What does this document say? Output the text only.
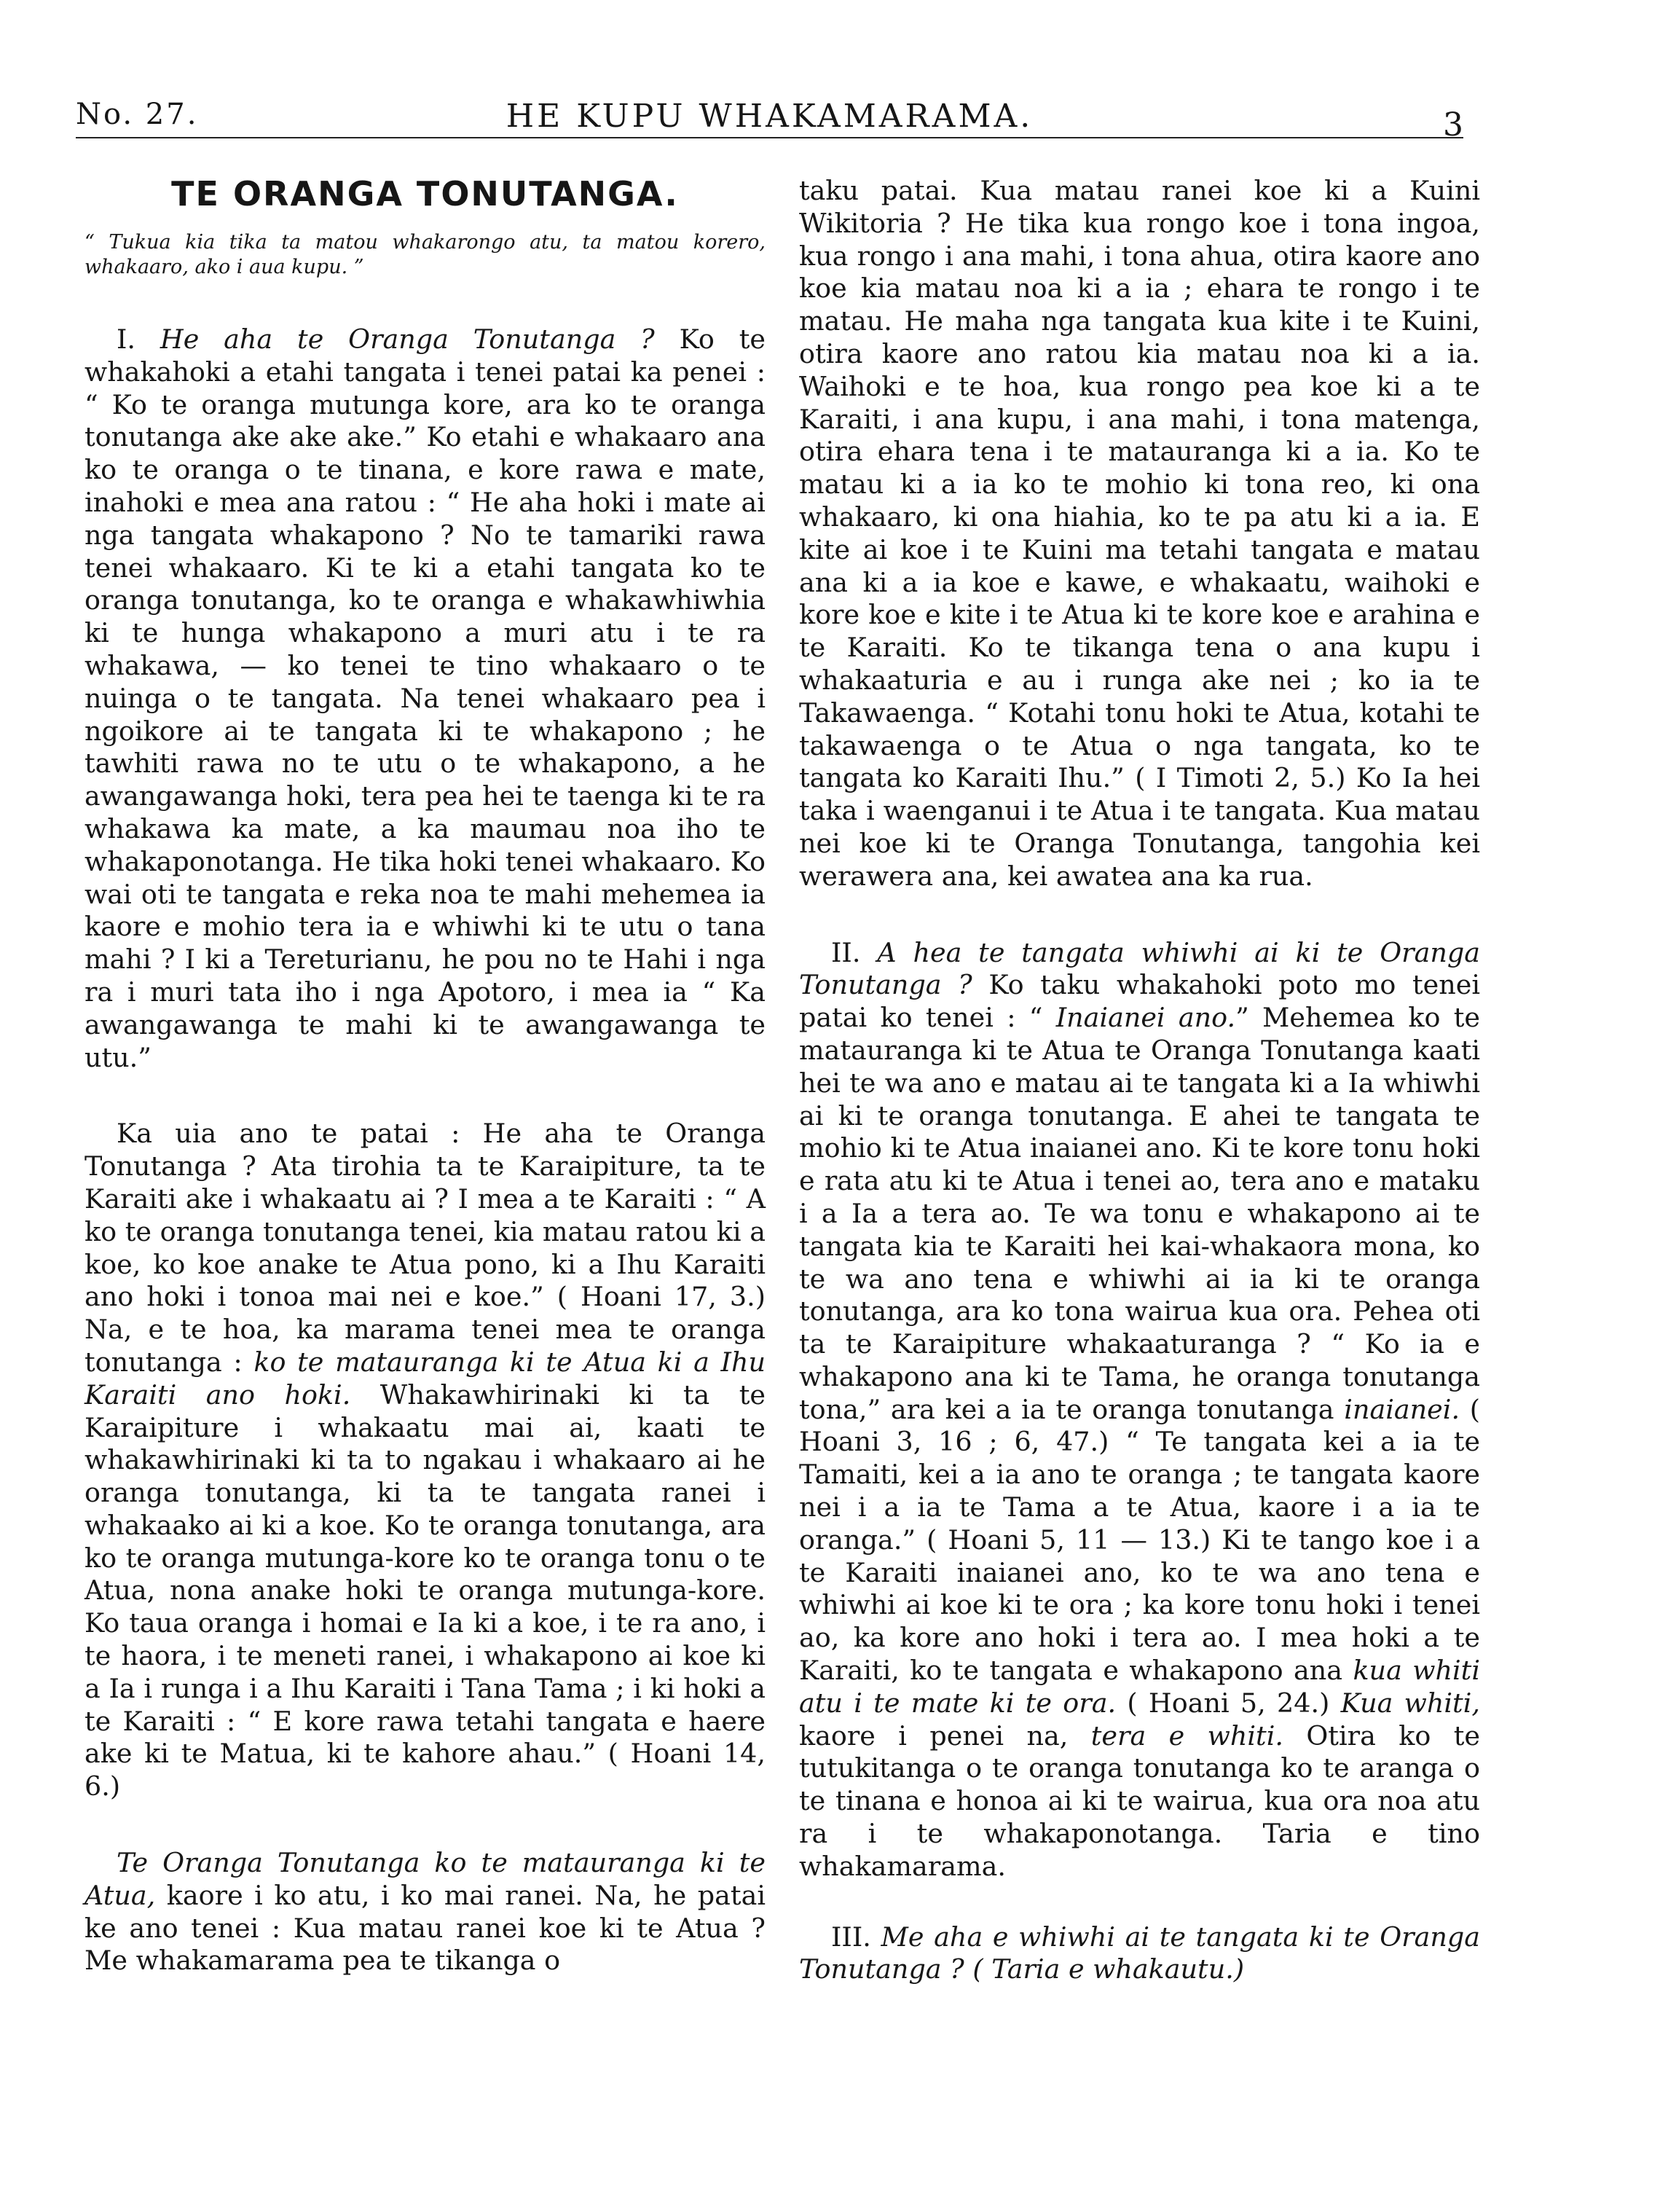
No. 27.	HE KUPU WHAKAMARAMA.	3

TE ORANGA TONUTANGA.

“ Tukua kia tika ta matou whakarongo atu, ta matou korero, whakaaro, ako i aua kupu. ”

I. He aha te Oranga Tonutanga ? Ko te whakahoki a etahi tangata i tenei patai ka penei : “ Ko te oranga mutunga kore, ara ko te oranga tonutanga ake ake ake.” Ko etahi e whakaaro ana ko te oranga o te tinana, e kore rawa e mate, inahoki e mea ana ratou : “ He aha hoki i mate ai nga tangata whakapono ? No te tamariki rawa tenei whakaaro. Ki te ki a etahi tangata ko te oranga tonutanga, ko te oranga e whakawhiwhia ki te hunga whakapono a muri atu i te ra whakawa, — ko tenei te tino whakaaro o te nuinga o te tangata. Na tenei whakaaro pea i ngoikore ai te tangata ki te whakapono ; he tawhiti rawa no te utu o te whakapono, a he awangawanga hoki, tera pea hei te taenga ki te ra whakawa ka mate, a ka maumau noa iho te whakaponotanga. He tika hoki tenei whakaaro. Ko wai oti te tangata e reka noa te mahi mehemea ia kaore e mohio tera ia e whiwhi ki te utu o tana mahi ? I ki a Tereturianu, he pou no te Hahi i nga ra i muri tata iho i nga Apotoro, i mea ia “ Ka awangawanga te mahi ki te awangawanga te utu.”

Ka uia ano te patai : He aha te Oranga Tonutanga ? Ata tirohia ta te Karaipiture, ta te Karaiti ake i whakaatu ai ? I mea a te Karaiti : “ A ko te oranga tonutanga tenei, kia matau ratou ki a koe, ko koe anake te Atua pono, ki a Ihu Karaiti ano hoki i tonoa mai nei e koe.” ( Hoani 17, 3.) Na, e te hoa, ka marama tenei mea te oranga tonutanga : ko te matauranga ki te Atua ki a Ihu Karaiti ano hoki. Whakawhirinaki ki ta te Karaipiture i whakaatu mai ai, kaati te whakawhirinaki ki ta to ngakau i whakaaro ai he oranga tonutanga, ki ta te tangata ranei i whakaako ai ki a koe. Ko te oranga tonutanga, ara ko te oranga mutunga-kore ko te oranga tonu o te Atua, nona anake hoki te oranga mutunga-kore. Ko taua oranga i homai e Ia ki a koe, i te ra ano, i te haora, i te meneti ranei, i whakapono ai koe ki a Ia i runga i a Ihu Karaiti i Tana Tama ; i ki hoki a te Karaiti : “ E kore rawa tetahi tangata e haere ake ki te Matua, ki te kahore ahau.” ( Hoani 14, 6.)

Te Oranga Tonutanga ko te matauranga ki te Atua, kaore i ko atu, i ko mai ranei. Na, he patai ke ano tenei : Kua matau ranei koe ki te Atua ? Me whakamarama pea te tikanga o

taku patai. Kua matau ranei koe ki a Kuini Wikitoria ? He tika kua rongo koe i tona ingoa, kua rongo i ana mahi, i tona ahua, otira kaore ano koe kia matau noa ki a ia ; ehara te rongo i te matau. He maha nga tangata kua kite i te Kuini, otira kaore ano ratou kia matau noa ki a ia. Waihoki e te hoa, kua rongo pea koe ki a te Karaiti, i ana kupu, i ana mahi, i tona matenga, otira ehara tena i te matauranga ki a ia. Ko te matau ki a ia ko te mohio ki tona reo, ki ona whakaaro, ki ona hiahia, ko te pa atu ki a ia. E kite ai koe i te Kuini ma tetahi tangata e matau ana ki a ia koe e kawe, e whakaatu, waihoki e kore koe e kite i te Atua ki te kore koe e arahina e te Karaiti. Ko te tikanga tena o ana kupu i whakaaturia e au i runga ake nei ; ko ia te Takawaenga. “ Kotahi tonu hoki te Atua, kotahi te takawaenga o te Atua o nga tangata, ko te tangata ko Karaiti Ihu.” ( I Timoti 2, 5.) Ko Ia hei taka i waenganui i te Atua i te tangata. Kua matau nei koe ki te Oranga Tonutanga, tangohia kei werawera ana, kei awatea ana ka rua.

II. A hea te tangata whiwhi ai ki te Oranga Tonutanga ? Ko taku whakahoki poto mo tenei patai ko tenei : “ Inaianei ano.” Mehemea ko te matauranga ki te Atua te Oranga Tonutanga kaati hei te wa ano e matau ai te tangata ki a Ia whiwhi ai ki te oranga tonutanga. E ahei te tangata te mohio ki te Atua inaianei ano. Ki te kore tonu hoki e rata atu ki te Atua i tenei ao, tera ano e mataku i a Ia a tera ao. Te wa tonu e whakapono ai te tangata kia te Karaiti hei kai-whakaora mona, ko te wa ano tena e whiwhi ai ia ki te oranga tonutanga, ara ko tona wairua kua ora. Pehea oti ta te Karaipiture whakaaturanga ? “ Ko ia e whakapono ana ki te Tama, he oranga tonutanga tona,” ara kei a ia te oranga tonutanga inaianei. ( Hoani 3, 16 ; 6, 47.) “ Te tangata kei a ia te Tamaiti, kei a ia ano te oranga ; te tangata kaore nei i a ia te Tama a te Atua, kaore i a ia te oranga.” ( Hoani 5, 11 — 13.) Ki te tango koe i a te Karaiti inaianei ano, ko te wa ano tena e whiwhi ai koe ki te ora ; ka kore tonu hoki i tenei ao, ka kore ano hoki i tera ao. I mea hoki a te Karaiti, ko te tangata e whakapono ana kua whiti atu i te mate ki te ora. ( Hoani 5, 24.) Kua whiti, kaore i penei na, tera e whiti. Otira ko te tutukitanga o te oranga tonutanga ko te aranga o te tinana e honoa ai ki te wairua, kua ora noa atu ra i te whakaponotanga. Taria e tino whakamarama.

III. Me aha e whiwhi ai te tangata ki te Oranga Tonutanga ? ( Taria e whakautu.)
